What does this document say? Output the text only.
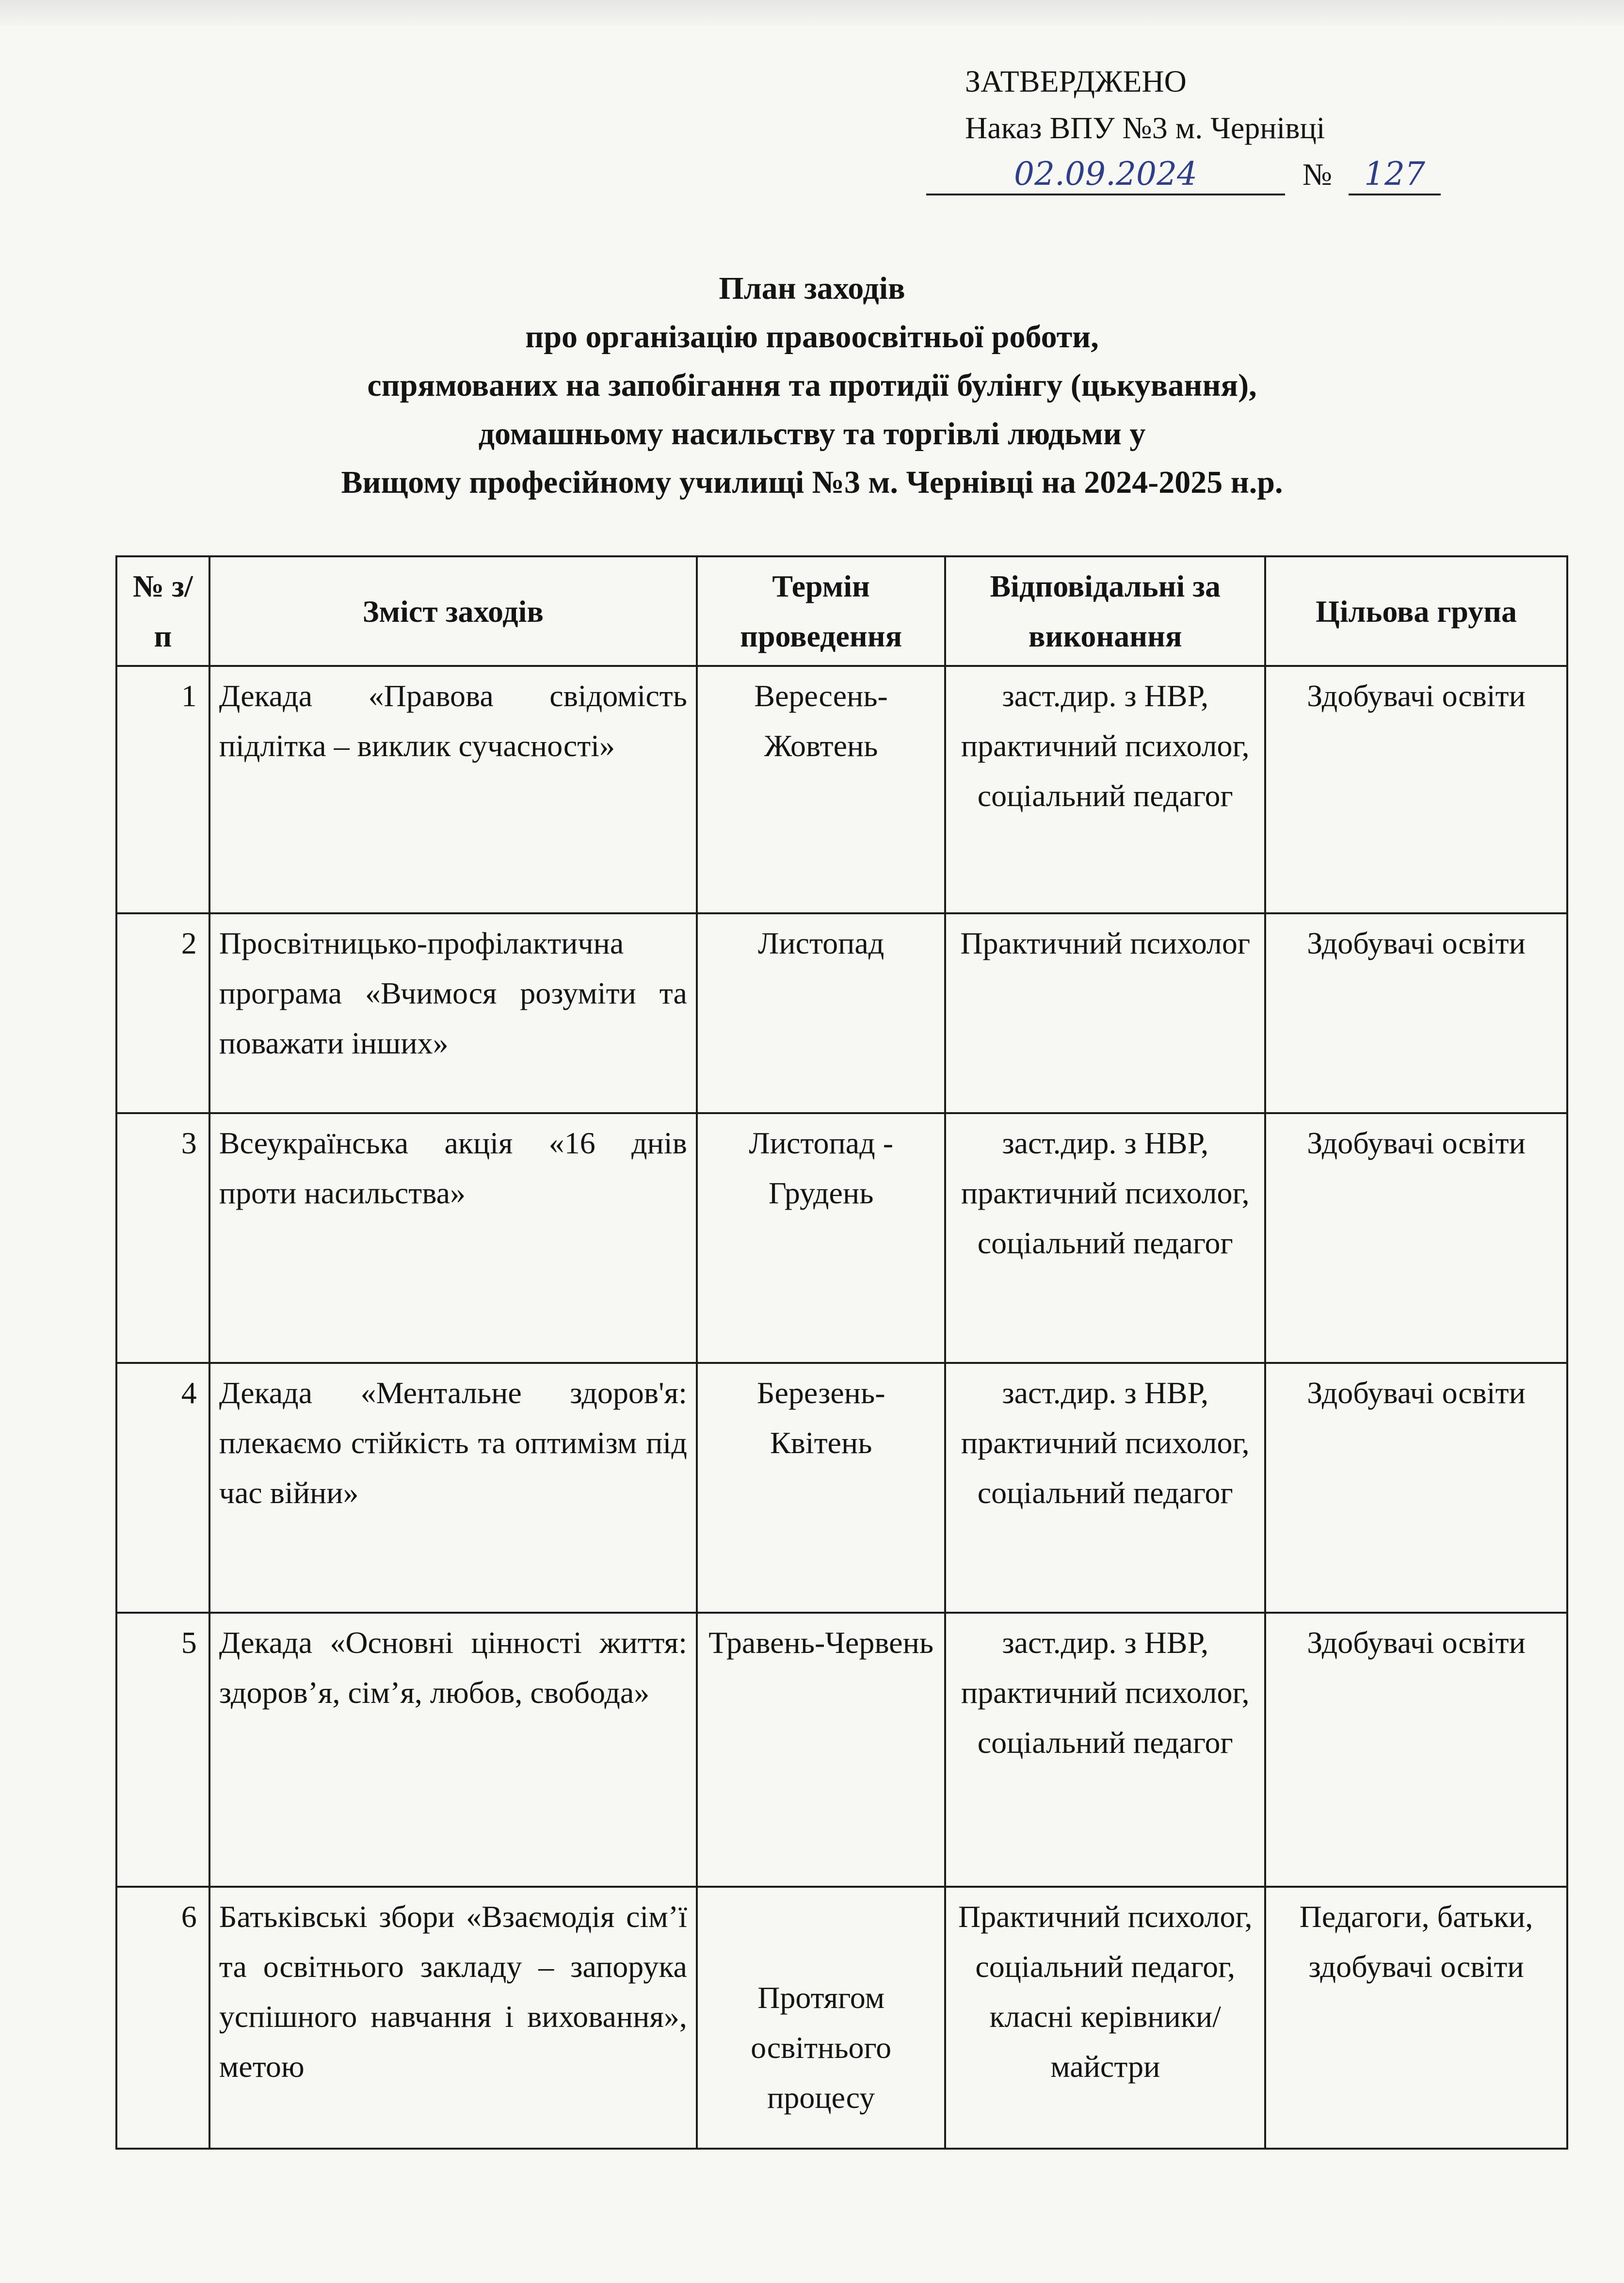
ЗАТВЕРДЖЕНО
Наказ ВПУ №3 м. Чернівці
02.09.2024	№ 127
План заходів
про організацію правоосвітньої роботи,
спрямованих на запобігання та протидії булінгу (цькування),
домашньому насильству та торгівлі людьми у
Вищому професійному училищі №3 м. Чернівці на 2024-2025 н.р.
№ з/п	Зміст заходів	Термін проведення	Відповідальні за виконання	Цільова група
1	Декада «Правова свідомість підлітка – виклик сучасності»	Вересень-Жовтень	заст.дир. з НВР, практичний психолог, соціальний педагог	Здобувачі освіти
2	Просвітницько-профілактична програма «Вчимося розуміти та поважати інших»	Листопад	Практичний психолог	Здобувачі освіти
3	Всеукраїнська акція «16 днів проти насильства»	Листопад - Грудень	заст.дир. з НВР, практичний психолог, соціальний педагог	Здобувачі освіти
4	Декада «Ментальне здоров'я: плекаємо стійкість та оптимізм під час війни»	Березень-Квітень	заст.дир. з НВР, практичний психолог, соціальний педагог	Здобувачі освіти
5	Декада «Основні цінності життя: здоров’я, сім’я, любов, свобода»	Травень-Червень	заст.дир. з НВР, практичний психолог, соціальний педагог	Здобувачі освіти
6	Батьківські збори «Взаємодія сім’ї та освітнього закладу – запорука успішного навчання і виховання», метою	Протягом освітнього процесу	Практичний психолог, соціальний педагог, класні керівники/майстри	Педагоги, батьки, здобувачі освіти
